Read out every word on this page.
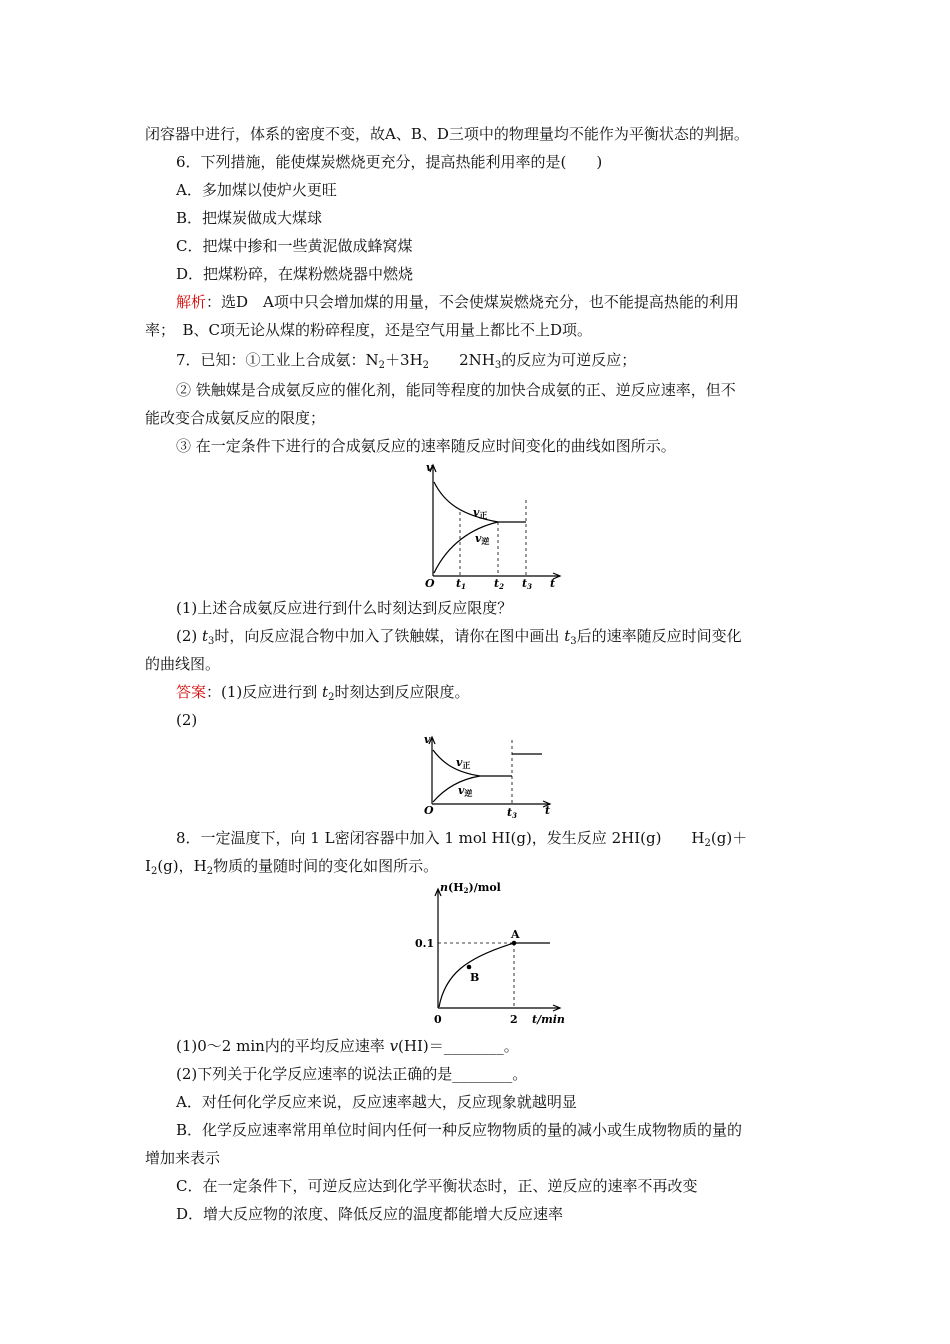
闭容器中进行，体系的密度不变，故A、B、D三项中的物理量均不能作为平衡状态的判据。
6．下列措施，能使煤炭燃烧更充分，提高热能利用率的是(　　)
A．多加煤以使炉火更旺
B．把煤炭做成大煤球
C．把煤中掺和一些黄泥做成蜂窝煤
D．把煤粉碎，在煤粉燃烧器中燃烧
解析：选D　A项中只会增加煤的用量，不会使煤炭燃烧充分，也不能提高热能的利用
率；　B、C项无论从煤的粉碎程度，还是空气用量上都比不上D项。
7．已知：①工业上合成氨：$N_2+3H_2$　　 $2NH_3$的反应为可逆反应；
② 铁触媒是合成氨反应的催化剂，能同等程度的加快合成氨的正、逆反应速率，但不
能改变合成氨反应的限度；
③ 在一定条件下进行的合成氨反应的速率随反应时间变化的曲线如图所示。
v
O t1	t2 t3 t
v正
v逆
(1)上述合成氨反应进行到什么时刻达到反应限度？
(2) $t_3$时，向反应混合物中加入了铁触媒，请你在图中画出 $t_3$后的速率随反应时间变化
的曲线图。
答案：(1)反应进行到 $t_2$时刻达到反应限度。
(2)
v
O	t3	t
v正
v逆
8．一定温度下，向 1 L密闭容器中加入 1 mol HI(g)，发生反应 2HI(g)　　$H_2(g)+$
$I_2(g)$，$H_2$物质的量随时间的变化如图所示。
n(H2)/mol
0.1
0	2 t/min
A
B
(1)0～2 min内的平均反应速率 v(HI)＝________。
(2)下列关于化学反应速率的说法正确的是________。
A．对任何化学反应来说，反应速率越大，反应现象就越明显
B．化学反应速率常用单位时间内任何一种反应物物质的量的减小或生成物物质的量的
增加来表示
C．在一定条件下，可逆反应达到化学平衡状态时，正、逆反应的速率不再改变
D．增大反应物的浓度、降低反应的温度都能增大反应速率
